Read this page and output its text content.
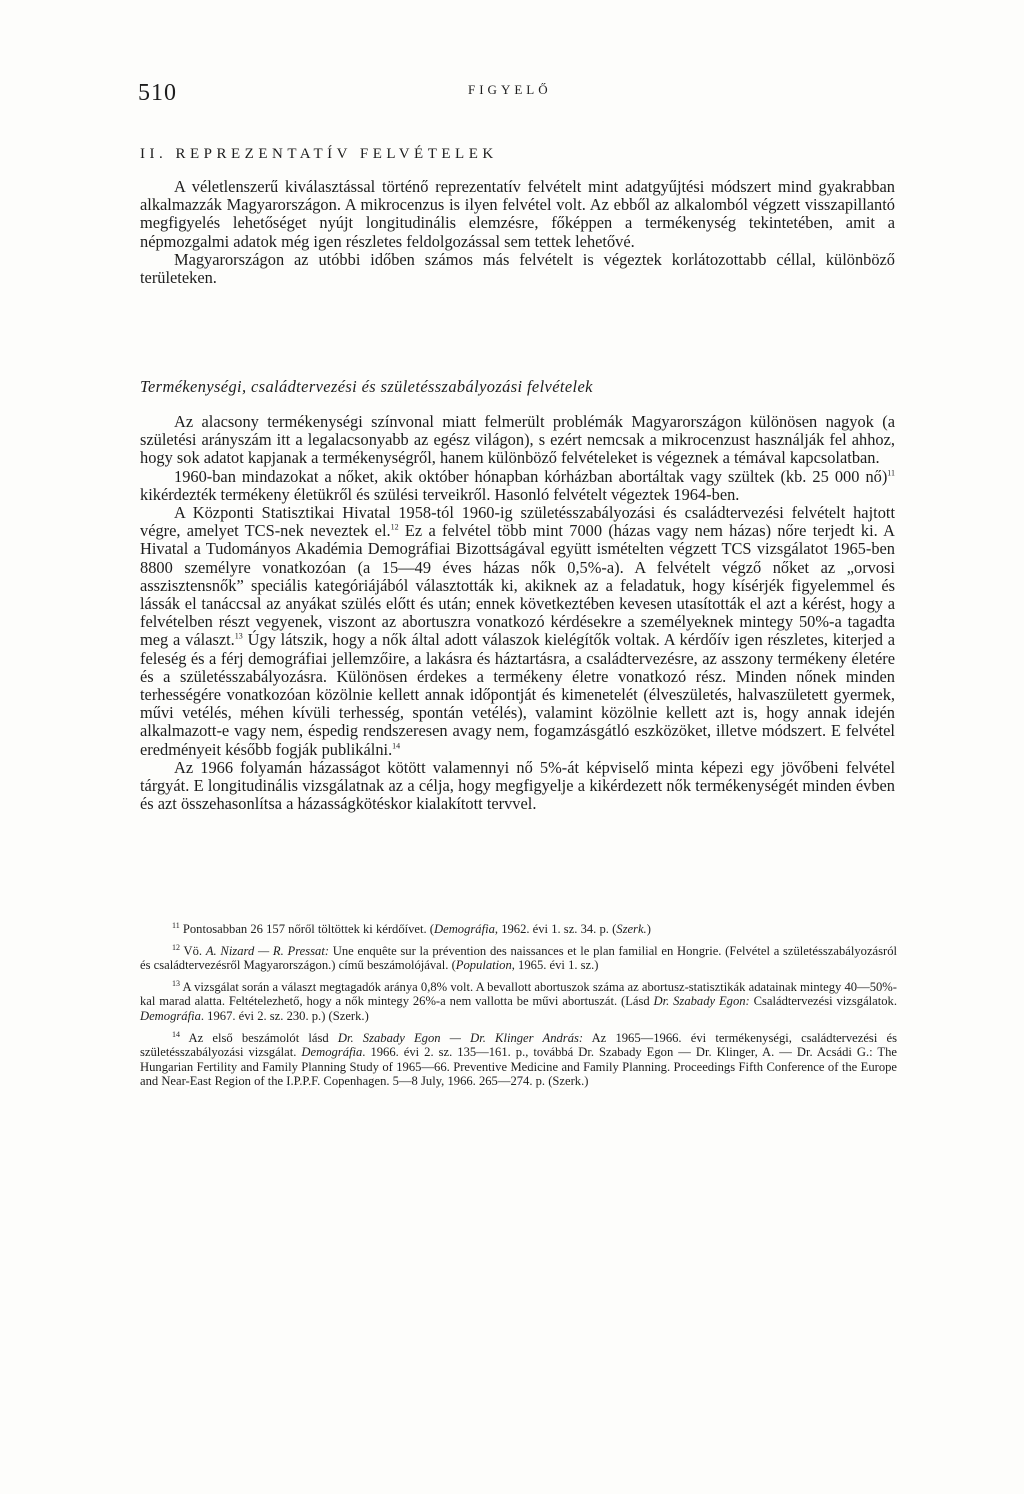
510	FIGYELŐ
II. REPREZENTATÍV FELVÉTELEK

A véletlenszerű kiválasztással történő reprezentatív felvételt mint adatgyűjtési módszert mind gyakrabban alkalmazzák Magyarországon. A mikrocenzus is ilyen felvétel volt. Az ebből az alkalomból végzett visszapillantó megfigyelés lehetőséget nyújt longitudinális elemzésre, főképpen a termékenység tekintetében, amit a népmozgalmi adatok még igen részletes feldolgozással sem tettek lehetővé.

Magyarországon az utóbbi időben számos más felvételt is végeztek korlátozottabb céllal, különböző területeken.

Termékenységi, családtervezési és születésszabályozási felvételek

Az alacsony termékenységi színvonal miatt felmerült problémák Magyarországon különösen nagyok (a születési arányszám itt a legalacsonyabb az egész világon), s ezért nemcsak a mikrocenzust használják fel ahhoz, hogy sok adatot kapjanak a termékenységről, hanem különböző felvételeket is végeznek a témával kapcsolatban.

1960-ban mindazokat a nőket, akik október hónapban kórházban abortáltak vagy szültek (kb. 25 000 nő)$^{11}$ kikérdezték termékeny életükről és szülési terveikről. Hasonló felvételt végeztek 1964-ben.

A Központi Statisztikai Hivatal 1958-tól 1960-ig születésszabályozási és családtervezési felvételt hajtott végre, amelyet TCS-nek neveztek el.$^{12}$ Ez a felvétel több mint 7000 (házas vagy nem házas) nőre terjedt ki. A Hivatal a Tudományos Akadémia Demográfiai Bizottságával együtt ismételten végzett TCS vizsgálatot 1965-ben 8800 személyre vonatkozóan (a 15—49 éves házas nők 0,5%-a). A felvételt végző nőket az „orvosi asszisztensnők” speciális kategóriájából választották ki, akiknek az a feladatuk, hogy kísérjék figyelemmel és lássák el tanáccsal az anyákat szülés előtt és után; ennek következtében kevesen utasították el azt a kérést, hogy a felvételben részt vegyenek, viszont az abortuszra vonatkozó kérdésekre a személyeknek mintegy 50%-a tagadta meg a választ.$^{13}$ Úgy látszik, hogy a nők által adott válaszok kielégítők voltak. A kérdőív igen részletes, kiterjed a feleség és a férj demográfiai jellemzőire, a lakásra és háztartásra, a családtervezésre, az asszony termékeny életére és a születésszabályozásra. Különösen érdekes a termékeny életre vonatkozó rész. Minden nőnek minden terhességére vonatkozóan közölnie kellett annak időpontját és kimenetelét (élveszületés, halvaszületett gyermek, művi vetélés, méhen kívüli terhesség, spontán vetélés), valamint közölnie kellett azt is, hogy annak idején alkalmazott-e vagy nem, éspedig rendszeresen avagy nem, fogamzásgátló eszközöket, illetve módszert. E felvétel eredményeit később fogják publikálni.$^{14}$

Az 1966 folyamán házasságot kötött valamennyi nő 5%-át képviselő minta képezi egy jövőbeni felvétel tárgyát. E longitudinális vizsgálatnak az a célja, hogy megfigyelje a kikérdezett nők termékenységét minden évben és azt összehasonlítsa a házasságkötéskor kialakított tervvel.

$^{11}$ Pontosabban 26 157 nőről töltöttek ki kérdőívet. (Demográfia, 1962. évi 1. sz. 34. p. (Szerk.)

$^{12}$ Vö. A. Nizard — R. Pressat: Une enquête sur la prévention des naissances et le plan familial en Hongrie. (Felvétel a születésszabályozásról és családtervezésről Magyarországon.) című beszámolójával. (Population, 1965. évi 1. sz.)

$^{13}$ A vizsgálat során a választ megtagadók aránya 0,8% volt. A bevallott abortuszok száma az abortusz-statisztikák adatainak mintegy 40—50%-kal marad alatta. Feltételezhető, hogy a nők mintegy 26%-a nem vallotta be művi abortuszát. (Lásd Dr. Szabady Egon: Családtervezési vizsgálatok. Demográfia. 1967. évi 2. sz. 230. p.) (Szerk.)

$^{14}$ Az első beszámolót lásd Dr. Szabady Egon — Dr. Klinger András: Az 1965—1966. évi termékenységi, családtervezési és születésszabályozási vizsgálat. Demográfia. 1966. évi 2. sz. 135—161. p., továbbá Dr. Szabady Egon — Dr. Klinger, A. — Dr. Acsádi G.: The Hungarian Fertility and Family Planning Study of 1965—66. Preventive Medicine and Family Planning. Proceedings Fifth Conference of the Europe and Near-East Region of the I.P.P.F. Copenhagen. 5—8 July, 1966. 265—274. p. (Szerk.)
